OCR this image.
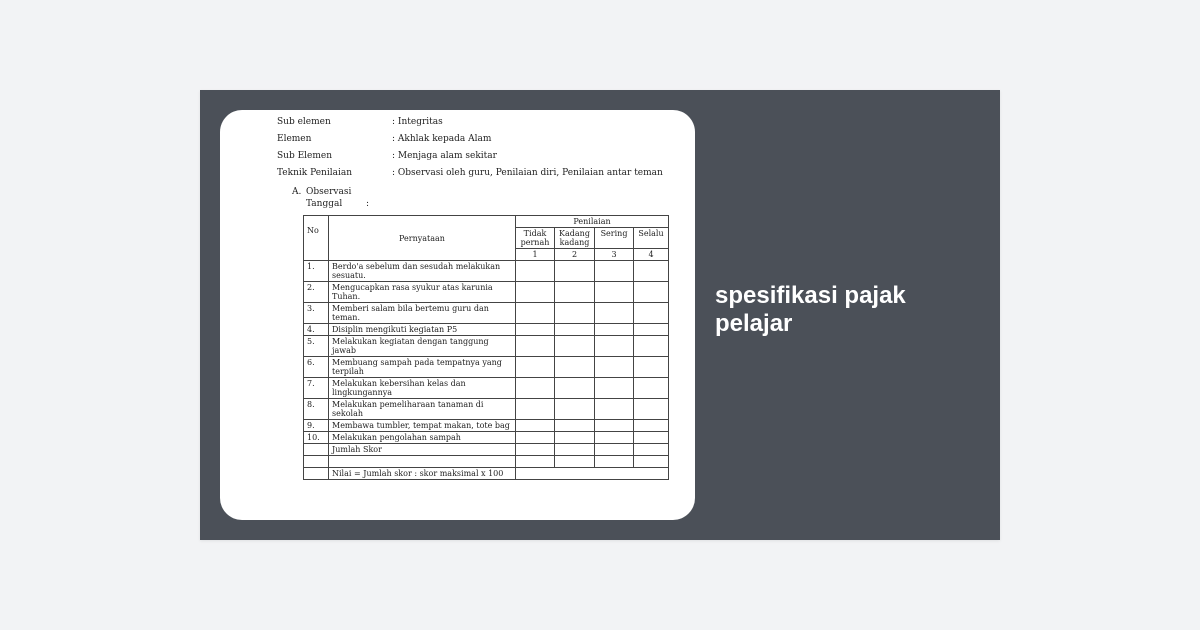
Sub elemen	: Integritas
Elemen	: Akhlak kepada Alam
Sub Elemen	: Menjaga alam sekitar
Teknik Penilaian	: Observasi oleh guru, Penilaian diri, Penilaian antar teman
A. Observasi
Tanggal	:
No	Pernyataan	Penilaian			
		Tidak pernah	Kadang kadang	Sering	Selalu
		1	2	3	4
1.	Berdo'a sebelum dan sesudah melakukan sesuatu.				
2.	Mengucapkan rasa syukur atas karunia Tuhan.				
3.	Memberi salam bila bertemu guru dan teman.				
4.	Disiplin mengikuti kegiatan P5				
5.	Melakukan kegiatan dengan tanggung jawab				
6.	Membuang sampah pada tempatnya yang terpilah				
7.	Melakukan kebersihan kelas dan lingkungannya				
8.	Melakukan pemeliharaan tanaman di sekolah				
9.	Membawa tumbler, tempat makan, tote bag				
10.	Melakukan pengolahan sampah				
	Jumlah Skor				

	Nilai = Jumlah skor : skor maksimal x 100				
spesifikasi pajak pelajar
